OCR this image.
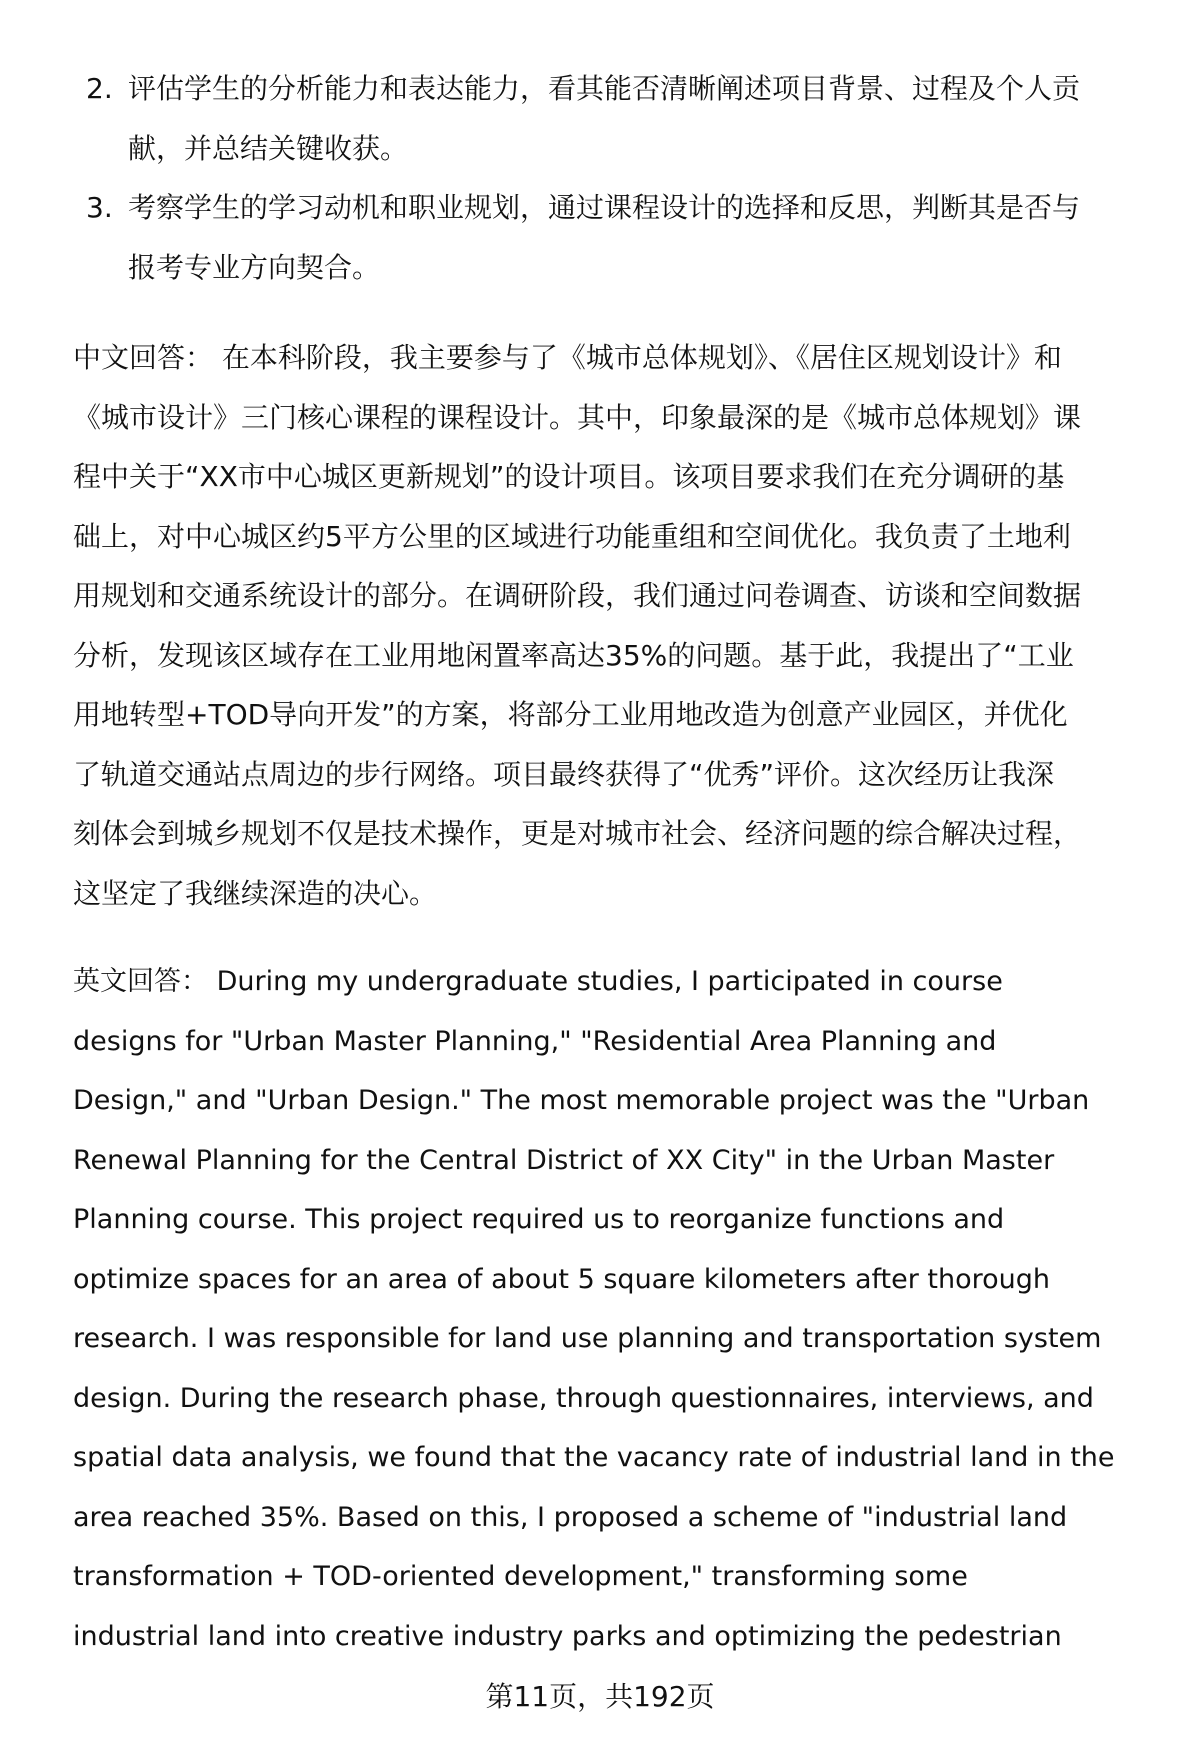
2. 评估学生的分析能力和表达能力，看其能否清晰阐述项目背景、过程及个人贡
献，并总结关键收获。
3. 考察学生的学习动机和职业规划，通过课程设计的选择和反思，判断其是否与
报考专业方向契合。
中文回答： 在本科阶段，我主要参与了《城市总体规划》、《居住区规划设计》和
《城市设计》三门核心课程的课程设计。其中，印象最深的是《城市总体规划》课
程中关于“XX市中心城区更新规划”的设计项目。该项目要求我们在充分调研的基
础上，对中心城区约5平方公里的区域进行功能重组和空间优化。我负责了土地利
用规划和交通系统设计的部分。在调研阶段，我们通过问卷调查、访谈和空间数据
分析，发现该区域存在工业用地闲置率高达35%的问题。基于此，我提出了“工业
用地转型+TOD导向开发”的方案，将部分工业用地改造为创意产业园区，并优化
了轨道交通站点周边的步行网络。项目最终获得了“优秀”评价。这次经历让我深
刻体会到城乡规划不仅是技术操作，更是对城市社会、经济问题的综合解决过程，
这坚定了我继续深造的决心。
英文回答： During my undergraduate studies, I participated in course
designs for "Urban Master Planning," "Residential Area Planning and
Design," and "Urban Design." The most memorable project was the "Urban
Renewal Planning for the Central District of XX City" in the Urban Master
Planning course. This project required us to reorganize functions and
optimize spaces for an area of about 5 square kilometers after thorough
research. I was responsible for land use planning and transportation system
design. During the research phase, through questionnaires, interviews, and
spatial data analysis, we found that the vacancy rate of industrial land in the
area reached 35%. Based on this, I proposed a scheme of "industrial land
transformation + TOD-oriented development," transforming some
industrial land into creative industry parks and optimizing the pedestrian
第11页，共192页
